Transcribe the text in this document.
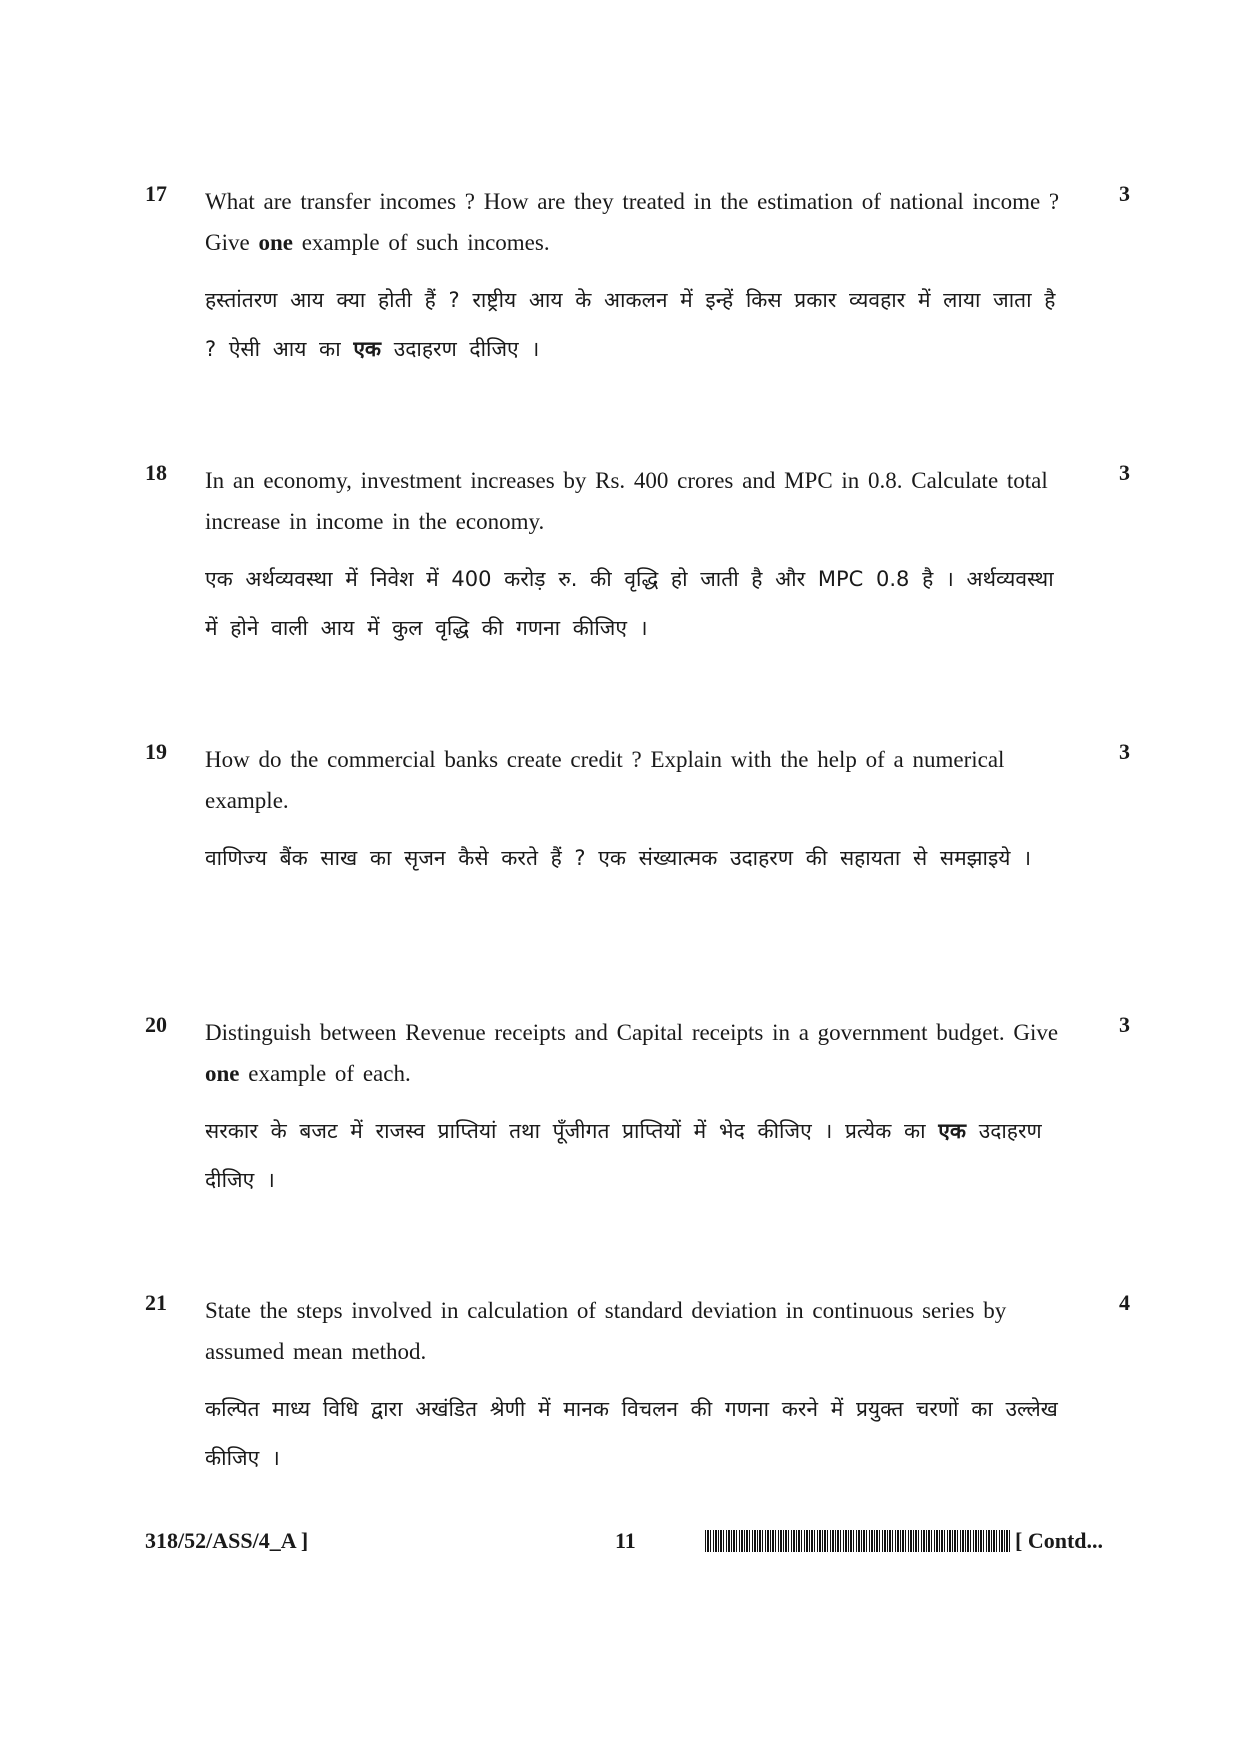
17	3
What are transfer incomes ? How are they treated in the estimation of national income ? Give one example of such incomes.
हस्तांतरण आय क्या होती हैं ? राष्ट्रीय आय के आकलन में इन्हें किस प्रकार व्यवहार में लाया जाता है ? ऐसी आय का एक उदाहरण दीजिए ।
18	3
In an economy, investment increases by Rs. 400 crores and MPC in 0.8. Calculate total increase in income in the economy.
एक अर्थव्यवस्था में निवेश में 400 करोड़ रु. की वृद्धि हो जाती है और MPC 0.8 है । अर्थव्यवस्था में होने वाली आय में कुल वृद्धि की गणना कीजिए ।
19	3
How do the commercial banks create credit ? Explain with the help of a numerical example.
वाणिज्य बैंक साख का सृजन कैसे करते हैं ? एक संख्यात्मक उदाहरण की सहायता से समझाइये ।
20	3
Distinguish between Revenue receipts and Capital receipts in a government budget. Give one example of each.
सरकार के बजट में राजस्व प्राप्तियां तथा पूँजीगत प्राप्तियों में भेद कीजिए । प्रत्येक का एक उदाहरण दीजिए ।
21	4
State the steps involved in calculation of standard deviation in continuous series by assumed mean method.
कल्पित माध्य विधि द्वारा अखंडित श्रेणी में मानक विचलन की गणना करने में प्रयुक्त चरणों का उल्लेख कीजिए ।
318/52/ASS/4_A ]	11	[ Contd...
